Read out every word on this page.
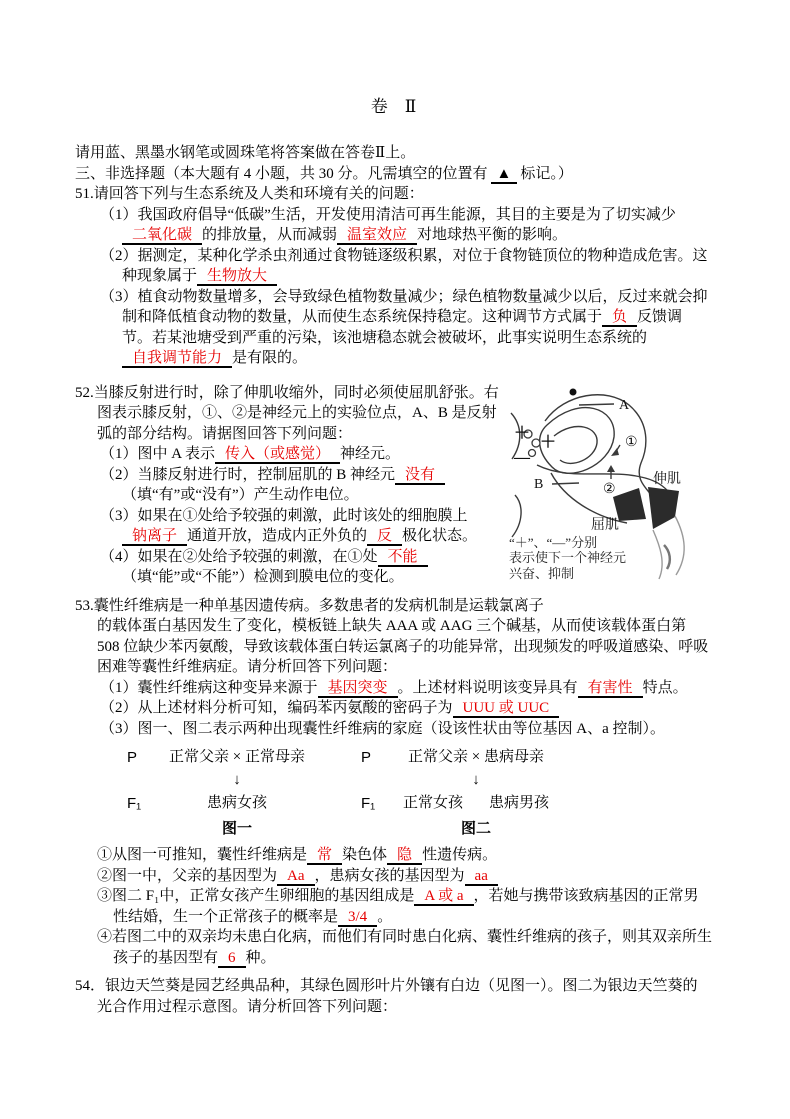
卷　Ⅱ

请用蓝、黑墨水钢笔或圆珠笔将答案做在答卷Ⅱ上。

三、非选择题（本大题有 4 小题，共 30 分。凡需填空的位置有 ▲ 标记。）

51.请回答下列与生态系统及人类和环境有关的问题：

（1）我国政府倡导“低碳”生活，开发使用清洁可再生能源，其目的主要是为了切实减少二氧化碳 的排放量，从而减弱 温室效应 对地球热平衡的影响。

（2）据测定，某种化学杀虫剂通过食物链逐级积累，对位于食物链顶位的物种造成危害。这种现象属于 生物放大

（3）植食动物数量增多，会导致绿色植物数量减少；绿色植物数量减少以后，反过来就会抑制和降低植食动物的数量，从而使生态系统保持稳定。这种调节方式属于 负 反馈调节。若某池塘受到严重的污染，该池塘稳态就会被破坏，此事实说明生态系统的自我调节能力 是有限的。

A
B
①
②
伸肌
屈肌
＋
＋
—
“＋”、“—”分别
表示使下一个神经元
兴奋、抑制

52.当膝反射进行时，除了伸肌收缩外，同时必须使屈肌舒张。右图表示膝反射，①、②是神经元上的实验位点，A、B 是反射弧的部分结构。请据图回答下列问题：

（1）图中 A 表示 传入（或感觉） 神经元。

（2）当膝反射进行时，控制屈肌的 B 神经元 没有（填“有”或“没有”）产生动作电位。

（3）如果在①处给予较强的刺激，此时该处的细胞膜上钠离子 通道开放，造成内正外负的 反 极化状态。

（4）如果在②处给予较强的刺激，在①处 不能（填“能”或“不能”）检测到膜电位的变化。

53.囊性纤维病是一种单基因遗传病。多数患者的发病机制是运载氯离子
的载体蛋白基因发生了变化，模板链上缺失 AAA 或 AAG 三个碱基，从而使该载体蛋白第 508 位缺少苯丙氨酸，导致该载体蛋白转运氯离子的功能异常，出现频发的呼吸道感染、呼吸困难等囊性纤维病症。请分析回答下列问题：

（1）囊性纤维病这种变异来源于 基因突变 。上述材料说明该变异具有 有害性 特点。

（2）从上述材料分析可知，编码苯丙氨酸的密码子为 UUU 或 UUC

（3）图一、图二表示两种出现囊性纤维病的家庭（设该性状由等位基因 A、a 控制）。

P	正常父亲 × 正常母亲
↓
F₁	患病女孩
图一
P	正常父亲 × 患病母亲
↓
F₁	正常女孩 患病男孩
图二

①从图一可推知，囊性纤维病是 常 染色体 隐 性遗传病。

②图一中，父亲的基因型为 Aa ，患病女孩的基因型为 aa

③图二 F₁中，正常女孩产生卵细胞的基因组成是 A 或 a ，若她与携带该致病基因的正常男性结婚，生一个正常孩子的概率是 3/4 。

④若图二中的双亲均未患白化病，而他们有同时患白化病、囊性纤维病的孩子，则其双亲所生孩子的基因型有 6 种。

54．银边天竺葵是园艺经典品种，其绿色圆形叶片外镶有白边（见图一）。图二为银边天竺葵的光合作用过程示意图。请分析回答下列问题：
